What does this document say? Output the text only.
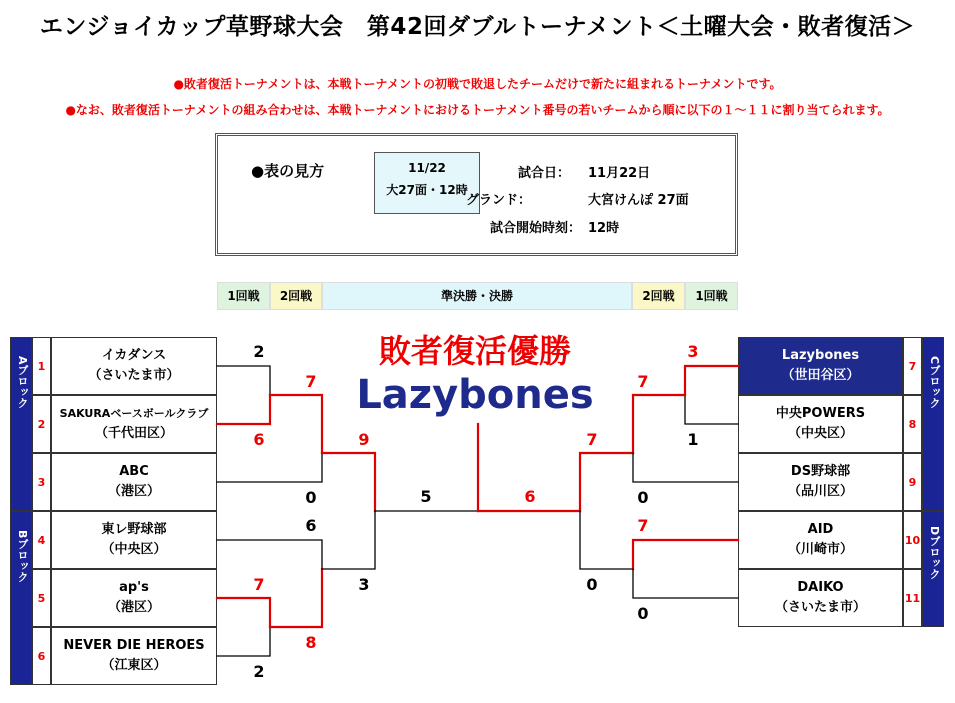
エンジョイカップ草野球大会　第42回ダブルトーナメント＜土曜大会・敗者復活＞
●敗者復活トーナメントは、本戦トーナメントの初戦で敗退したチームだけで新たに組まれるトーナメントです。
●なお、敗者復活トーナメントの組み合わせは、本戦トーナメントにおけるトーナメント番号の若いチームから順に以下の１～１１に割り当てられます。
●表の見方	11/22
大27面・12時
試合日： 11月22日
グランド：	大宮けんぽ 27面
試合開始時刻： 12時
1回戦	2回戦	準決勝・決勝	2回戦	1回戦
Aブロック
Bブロック
Cブロック
Dブロック
1
2
3
4
5
6
イカダンス
（さいたま市）
SAKURAベースボールクラブ
（千代田区）
ABC
（港区）
東レ野球部
（中央区）
ap's
（港区）
NEVER DIE HEROES
（江東区）
Lazybones
（世田谷区）
中央POWERS
（中央区）
DS野球部
（品川区）
AID
（川崎市）
DAIKO
（さいたま市）
7
8
9
10
11
2
6
7
0
6
7
8
2
9
3
5	6
3
1
7
0
7
0
7
0
敗者復活優勝
Lazybones
